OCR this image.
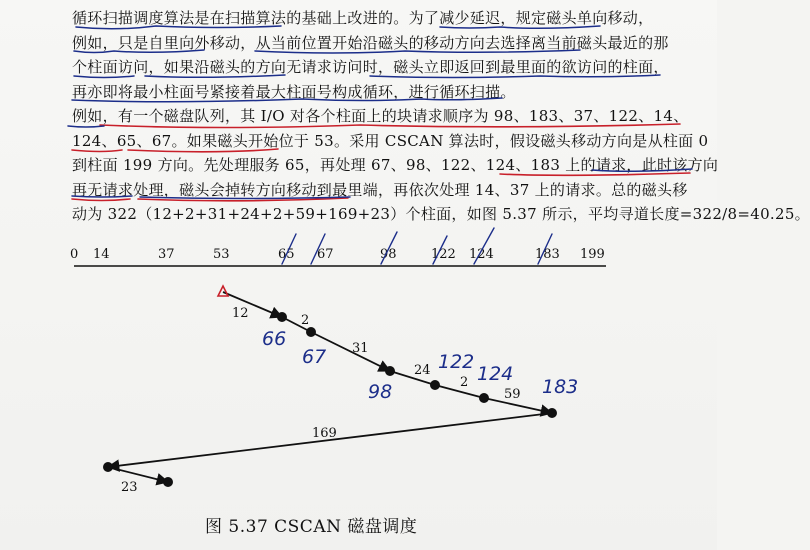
循环扫描调度算法是在扫描算法的基础上改进的。为了减少延迟，规定磁头单向移动，
例如，只是自里向外移动，从当前位置开始沿磁头的移动方向去选择离当前磁头最近的那
个柱面访问，如果沿磁头的方向无请求访问时，磁头立即返回到最里面的欲访问的柱面，
再亦即将最小柱面号紧接着最大柱面号构成循环，进行循环扫描。
例如，有一个磁盘队列，其 I/O 对各个柱面上的块请求顺序为 98、183、37、122、14、
124、65、67。如果磁头开始位于 53。采用 CSCAN 算法时，假设磁头移动方向是从柱面 0
到柱面 199 方向。先处理服务 65，再处理 67、98、122、124、183 上的请求，此时该方向
再无请求处理，磁头会掉转方向移动到最里端，再依次处理 14、37 上的请求。总的磁头移
动为 322（12+2+31+24+2+59+169+23）个柱面，如图 5.37 所示，平均寻道长度=322/8=40.25。
0 14	37	53	65 67	98	122 124	183 199
12	2
31
24
2
59
169
23
66
67
98
122
124
183
图 5.37 CSCAN 磁盘调度
